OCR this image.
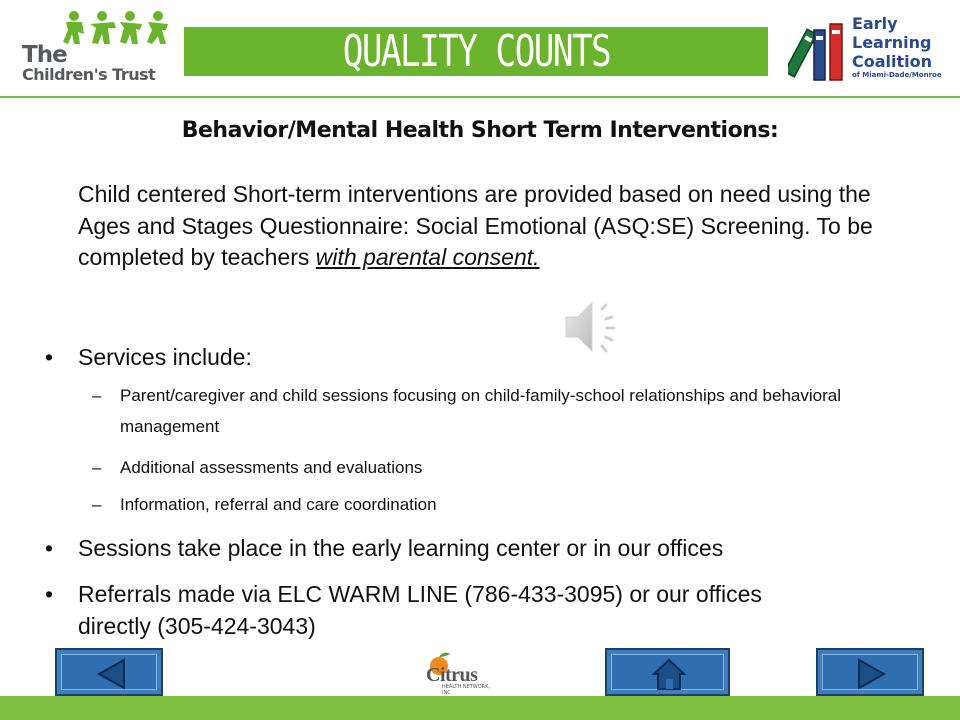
The
Children's Trust	QUALITY COUNTS
Early
Learning
Coalition
of Miami-Dade/Monroe
Behavior/Mental Health Short Term Interventions:
Child centered Short-term interventions are provided based on need using the Ages and Stages Questionnaire: Social Emotional (ASQ:SE) Screening. To be completed by teachers with parental consent.
• Services include:
– Parent/caregiver and child sessions focusing on child-family-school relationships and behavioral management
– Additional assessments and evaluations
– Information, referral and care coordination
• Sessions take place in the early learning center or in our offices
• Referrals made via ELC WARM LINE (786-433-3095) or our offices directly (305-424-3043)
Citrus
HEALTH NETWORK, INC.
